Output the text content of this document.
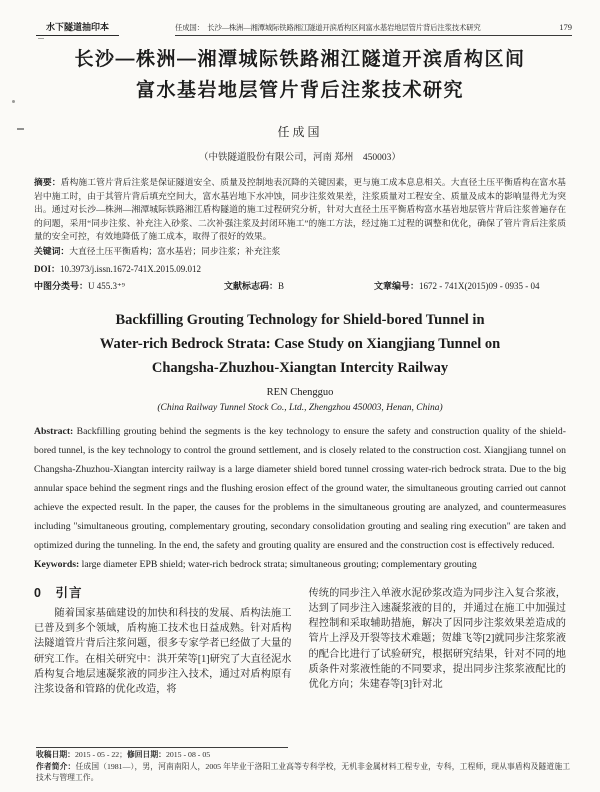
水下隧道抽印本	任成国：　长沙—株洲—湘潭城际铁路湘江隧道开滨盾构区间富水基岩地层管片背后注浆技术研究	179
长沙—株洲—湘潭城际铁路湘江隧道开滨盾构区间
富水基岩地层管片背后注浆技术研究
任成国
（中铁隧道股份有限公司，河南 郑州　450003）

摘要：盾构施工管片背后注浆是保证隧道安全、质量及控制地表沉降的关键因素，更与施工成本息息相关。大直径土压平衡盾构在富水基岩中施工时，由于其管片背后填充空间大，富水基岩地下水冲蚀，同步注浆效果差，注浆质量对工程安全、质量及成本的影响显得尤为突出。通过对长沙—株洲—湘潭城际铁路湘江盾构隧道的施工过程研究分析，针对大直径土压平衡盾构富水基岩地层管片背后注浆普遍存在的问题，采用“同步注浆、补充注入砂浆、二次补强注浆及封闭环施工”的施工方法，经过施工过程的调整和优化，确保了管片背后注浆质量的安全可控，有效地降低了施工成本，取得了很好的效果。

关键词：大直径土压平衡盾构；富水基岩；同步注浆；补充注浆

DOI：10.3973/j.issn.1672-741X.2015.09.012

中图分类号：U 455.3⁺⁹	文献标志码：B	文章编号：1672 - 741X(2015)09 - 0935 - 04
Backfilling Grouting Technology for Shield-bored Tunnel in
Water-rich Bedrock Strata: Case Study on Xiangjiang Tunnel on
Changsha-Zhuzhou-Xiangtan Intercity Railway
REN Chengguo
(China Railway Tunnel Stock Co., Ltd., Zhengzhou 450003, Henan, China)

Abstract: Backfilling grouting behind the segments is the key technology to ensure the safety and construction quality of the shield-bored tunnel, is the key technology to control the ground settlement, and is closely related to the construction cost. Xiangjiang tunnel on Changsha-Zhuzhou-Xiangtan intercity railway is a large diameter shield bored tunnel crossing water-rich bedrock strata. Due to the big annular space behind the segment rings and the flushing erosion effect of the ground water, the simultaneous grouting carried out cannot achieve the expected result. In the paper, the causes for the problems in the simultaneous grouting are analyzed, and countermeasures including "simultaneous grouting, complementary grouting, secondary consolidation grouting and sealing ring execution" are taken and optimized during the tunneling. In the end, the safety and grouting quality are ensured and the construction cost is effectively reduced.

Keywords: large diameter EPB shield; water-rich bedrock strata; simultaneous grouting; complementary grouting

0　引言

随着国家基础建设的加快和科技的发展、盾构法施工已普及到多个领域，盾构施工技术也日益成熟。针对盾构法隧道管片背后注浆问题，很多专家学者已经做了大量的研究工作。在相关研究中：洪开荣等[1]研究了大直径泥水盾构复合地层速凝浆液的同步注入技术，通过对盾构原有注浆设备和管路的优化改造，将

传统的同步注入单液水泥砂浆改造为同步注入复合浆液，达到了同步注入速凝浆液的目的，并通过在施工中加强过程控制和采取辅助措施，解决了因同步注浆效果差造成的管片上浮及开裂等技术难题；贺雄飞等[2]就同步注浆浆液的配合比进行了试验研究，根据研究结果，针对不同的地质条件对浆液性能的不同要求，提出同步注浆浆液配比的优化方向；朱建春等[3]针对北

收稿日期：2015 - 05 - 22；修回日期：2015 - 08 - 05
作者简介：任成国（1981—），男，河南南阳人，2005 年毕业于洛阳工业高等专科学校，无机非金属材料工程专业，专科，工程师，现从事盾构及隧道施工技术与管理工作。
